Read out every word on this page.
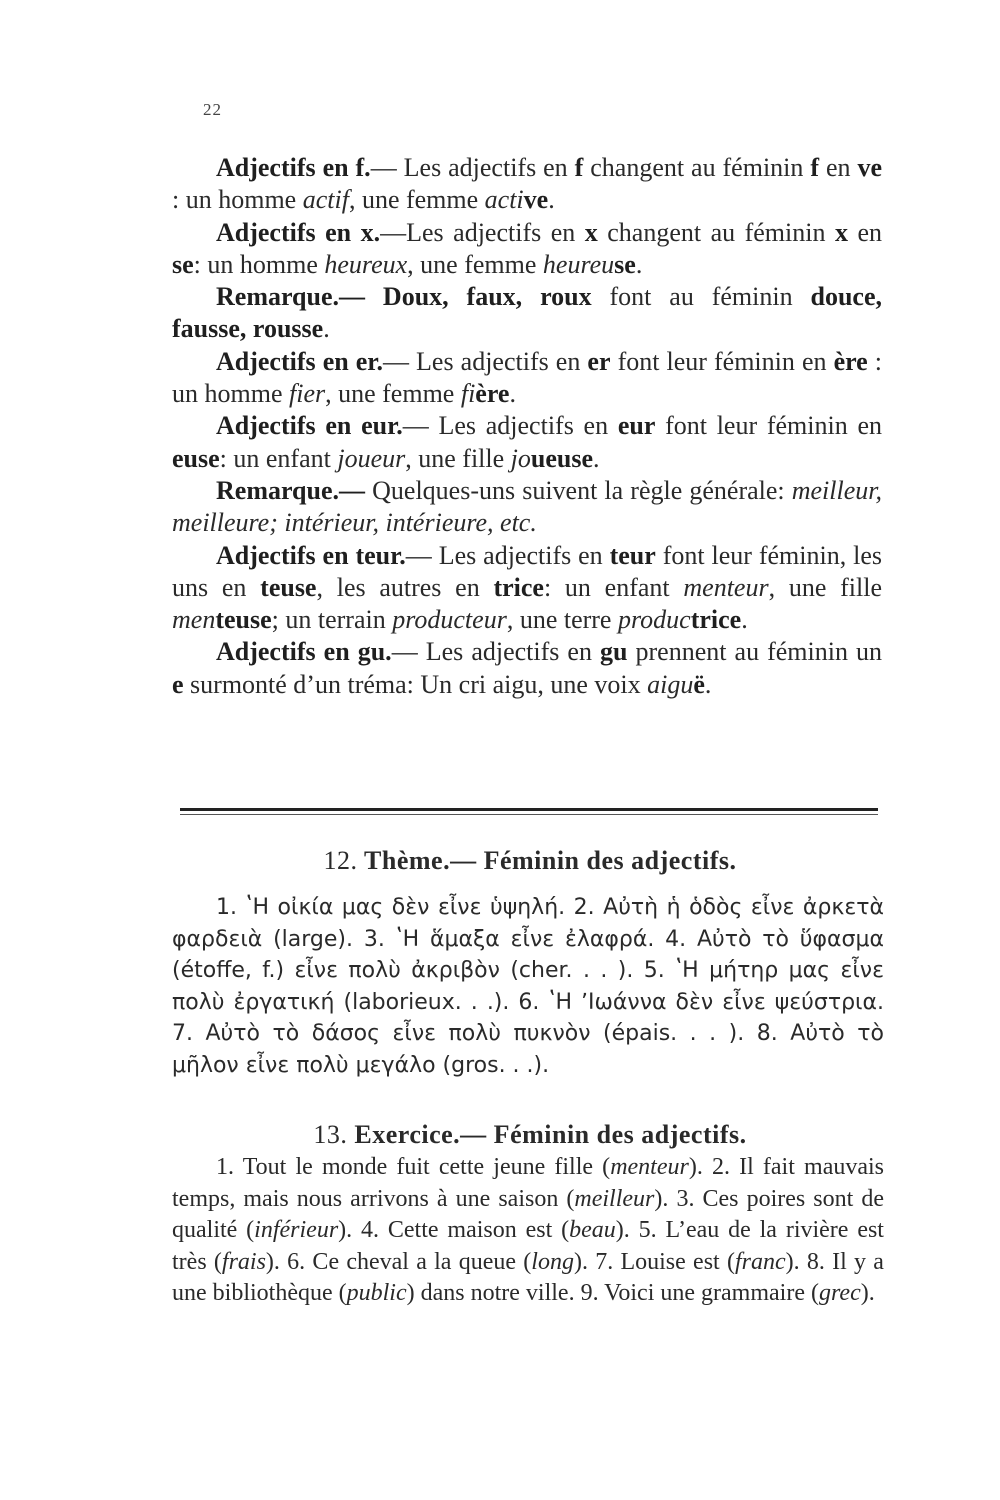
22

Adjectifs en f.— Les adjectifs en f changent au féminin f en ve : un homme actif, une femme active.

Adjectifs en x.—Les adjectifs en x changent au féminin x en se: un homme heureux, une femme heureuse.

Remarque.— Doux, faux, roux font au féminin douce, fausse, rousse.

Adjectifs en er.— Les adjectifs en er font leur féminin en ère : un homme fier, une femme fière.

Adjectifs en eur.— Les adjectifs en eur font leur féminin en euse: un enfant joueur, une fille joueuse.

Remarque.— Quelques-uns suivent la règle générale: meilleur, meilleure; intérieur, intérieure, etc.

Adjectifs en teur.— Les adjectifs en teur font leur féminin, les uns en teuse, les autres en trice: un enfant menteur, une fille menteuse; un terrain producteur, une terre productrice.

Adjectifs en gu.— Les adjectifs en gu prennent au féminin un e surmonté d’un tréma: Un cri aigu, une voix aiguë.

12. Thème.— Féminin des adjectifs.

1. ʽΗ οἰκία μας δὲν εἶνε ὑψηλή. 2. Αὐτὴ ἡ ὁδὸς εἶνε ἀρκετὰ φαρδειὰ (large). 3. ʽΗ ἅμαξα εἶνε ἐλαφρά. 4. Αὐτὸ τὸ ὕφασμα (étoffe, f.) εἶνε πολὺ ἀκριβὸν (cher. . . ). 5. ʽΗ μήτηρ μας εἶνε πολὺ ἐργατική (laborieux. . .). 6. ʽΗ ʼΙωάννα δὲν εἶνε ψεύστρια. 7. Αὐτὸ τὸ δάσος εἶνε πολὺ πυκνὸν (épais. . . ). 8. Αὐτὸ τὸ μῆλον εἶνε πολὺ μεγάλο (gros. . .).

13. Exercice.— Féminin des adjectifs.

1. Tout le monde fuit cette jeune fille (menteur). 2. Il fait mauvais temps, mais nous arrivons à une saison (meilleur). 3. Ces poires sont de qualité (inférieur). 4. Cette maison est (beau). 5. L’eau de la rivière est très (frais). 6. Ce cheval a la queue (long). 7. Louise est (franc). 8. Il y a une bibliothèque (public) dans notre ville. 9. Voici une grammaire (grec).
